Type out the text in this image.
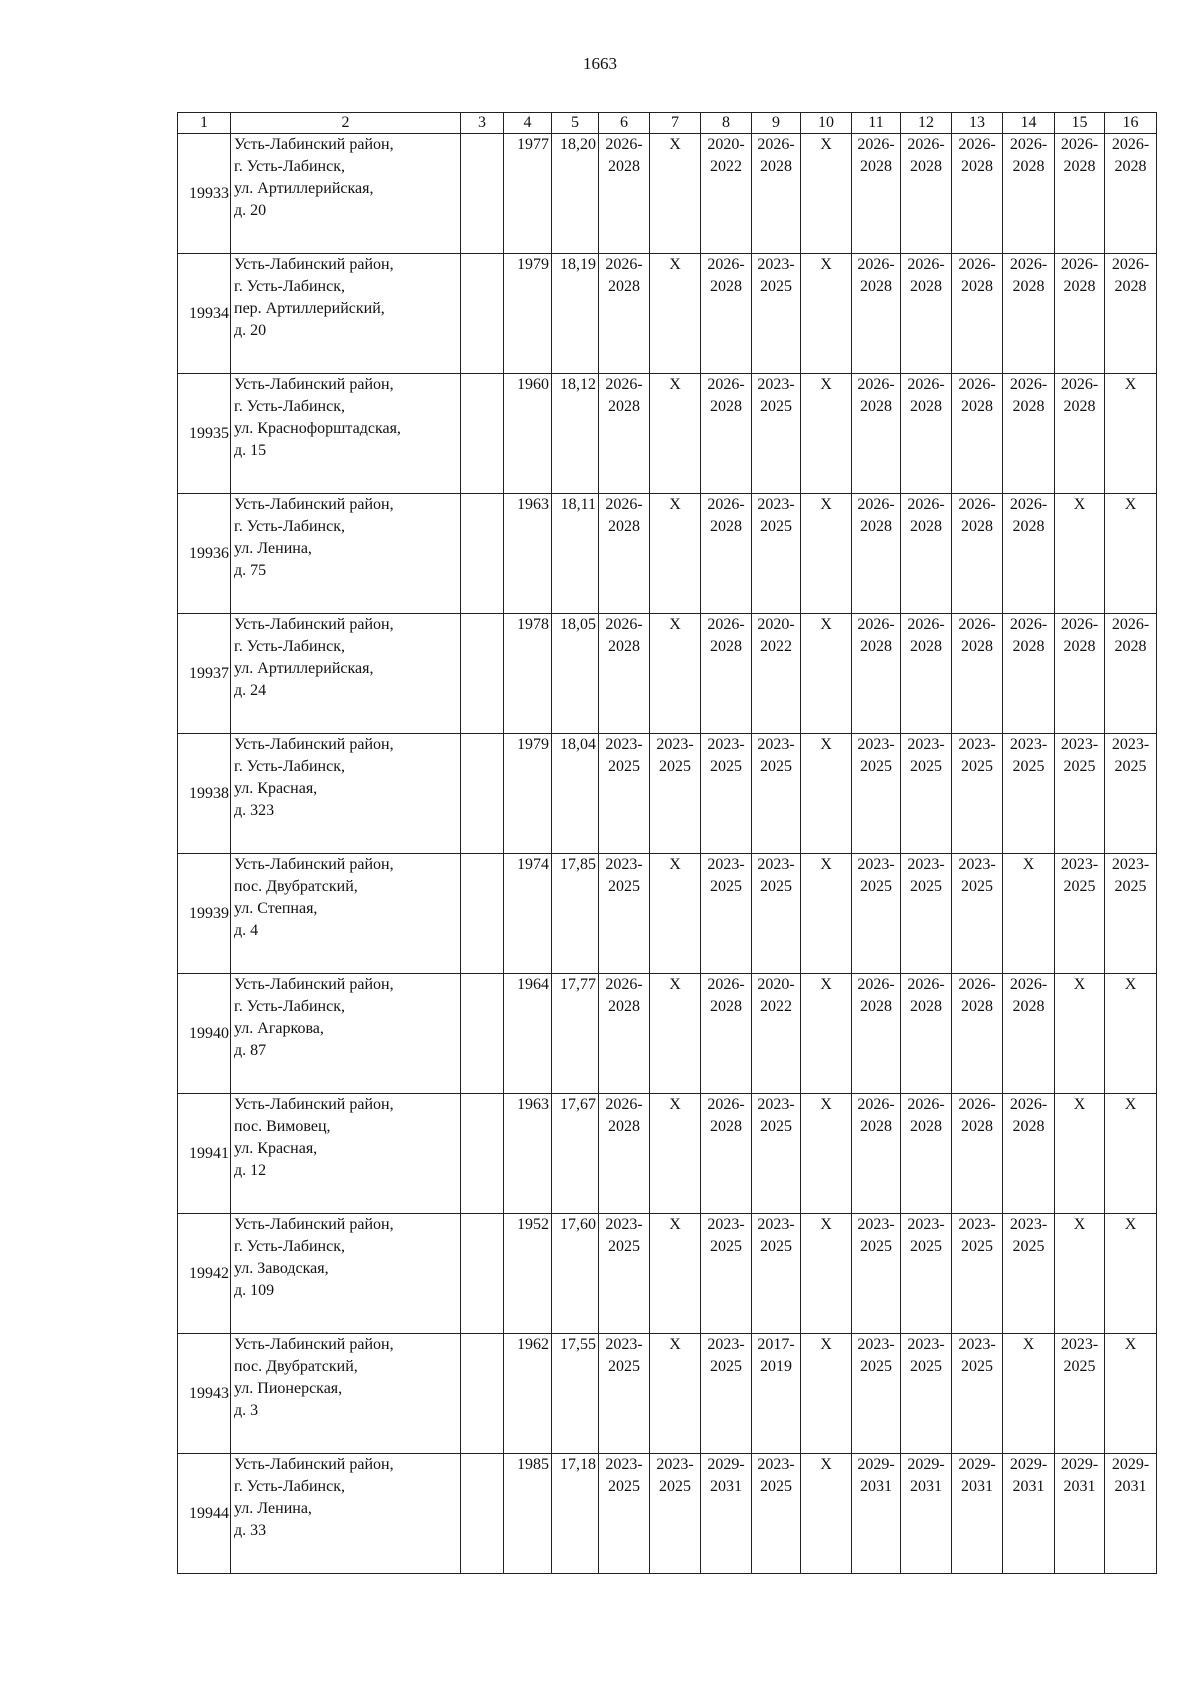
1663
1	2	3	4	5	6	7	8	9	10	11	12	13	14	15	16
19933	Усть-Лабинский район,
г. Усть-Лабинск,
ул. Артиллерийская,
д. 20		1977	18,20	2026-
2028	X	2020-
2022	2026-
2028	X	2026-
2028	2026-
2028	2026-
2028	2026-
2028	2026-
2028	2026-
2028

19934	Усть-Лабинский район,
г. Усть-Лабинск,
пер. Артиллерийский,
д. 20		1979	18,19	2026-
2028	X	2026-
2028	2023-
2025	X	2026-
2028	2026-
2028	2026-
2028	2026-
2028	2026-
2028	2026-
2028

19935	Усть-Лабинский район,
г. Усть-Лабинск,
ул. Краснофорштадская,
д. 15		1960	18,12	2026-
2028	X	2026-
2028	2023-
2025	X	2026-
2028	2026-
2028	2026-
2028	2026-
2028	2026-
2028	X

19936	Усть-Лабинский район,
г. Усть-Лабинск,
ул. Ленина,
д. 75		1963	18,11	2026-
2028	X	2026-
2028	2023-
2025	X	2026-
2028	2026-
2028	2026-
2028	2026-
2028	X	X

19937	Усть-Лабинский район,
г. Усть-Лабинск,
ул. Артиллерийская,
д. 24		1978	18,05	2026-
2028	X	2026-
2028	2020-
2022	X	2026-
2028	2026-
2028	2026-
2028	2026-
2028	2026-
2028	2026-
2028

19938	Усть-Лабинский район,
г. Усть-Лабинск,
ул. Красная,
д. 323		1979	18,04	2023-
2025	2023-
2025	2023-
2025	2023-
2025	X	2023-
2025	2023-
2025	2023-
2025	2023-
2025	2023-
2025	2023-
2025

19939	Усть-Лабинский район,
пос. Двубратский,
ул. Степная,
д. 4		1974	17,85	2023-
2025	X	2023-
2025	2023-
2025	X	2023-
2025	2023-
2025	2023-
2025	X	2023-
2025	2023-
2025

19940	Усть-Лабинский район,
г. Усть-Лабинск,
ул. Агаркова,
д. 87		1964	17,77	2026-
2028	X	2026-
2028	2020-
2022	X	2026-
2028	2026-
2028	2026-
2028	2026-
2028	X	X

19941	Усть-Лабинский район,
пос. Вимовец,
ул. Красная,
д. 12		1963	17,67	2026-
2028	X	2026-
2028	2023-
2025	X	2026-
2028	2026-
2028	2026-
2028	2026-
2028	X	X

19942	Усть-Лабинский район,
г. Усть-Лабинск,
ул. Заводская,
д. 109		1952	17,60	2023-
2025	X	2023-
2025	2023-
2025	X	2023-
2025	2023-
2025	2023-
2025	2023-
2025	X	X

19943	Усть-Лабинский район,
пос. Двубратский,
ул. Пионерская,
д. 3		1962	17,55	2023-
2025	X	2023-
2025	2017-
2019	X	2023-
2025	2023-
2025	2023-
2025	X	2023-
2025	X

19944	Усть-Лабинский район,
г. Усть-Лабинск,
ул. Ленина,
д. 33		1985	17,18	2023-
2025	2023-
2025	2029-
2031	2023-
2025	X	2029-
2031	2029-
2031	2029-
2031	2029-
2031	2029-
2031	2029-
2031
